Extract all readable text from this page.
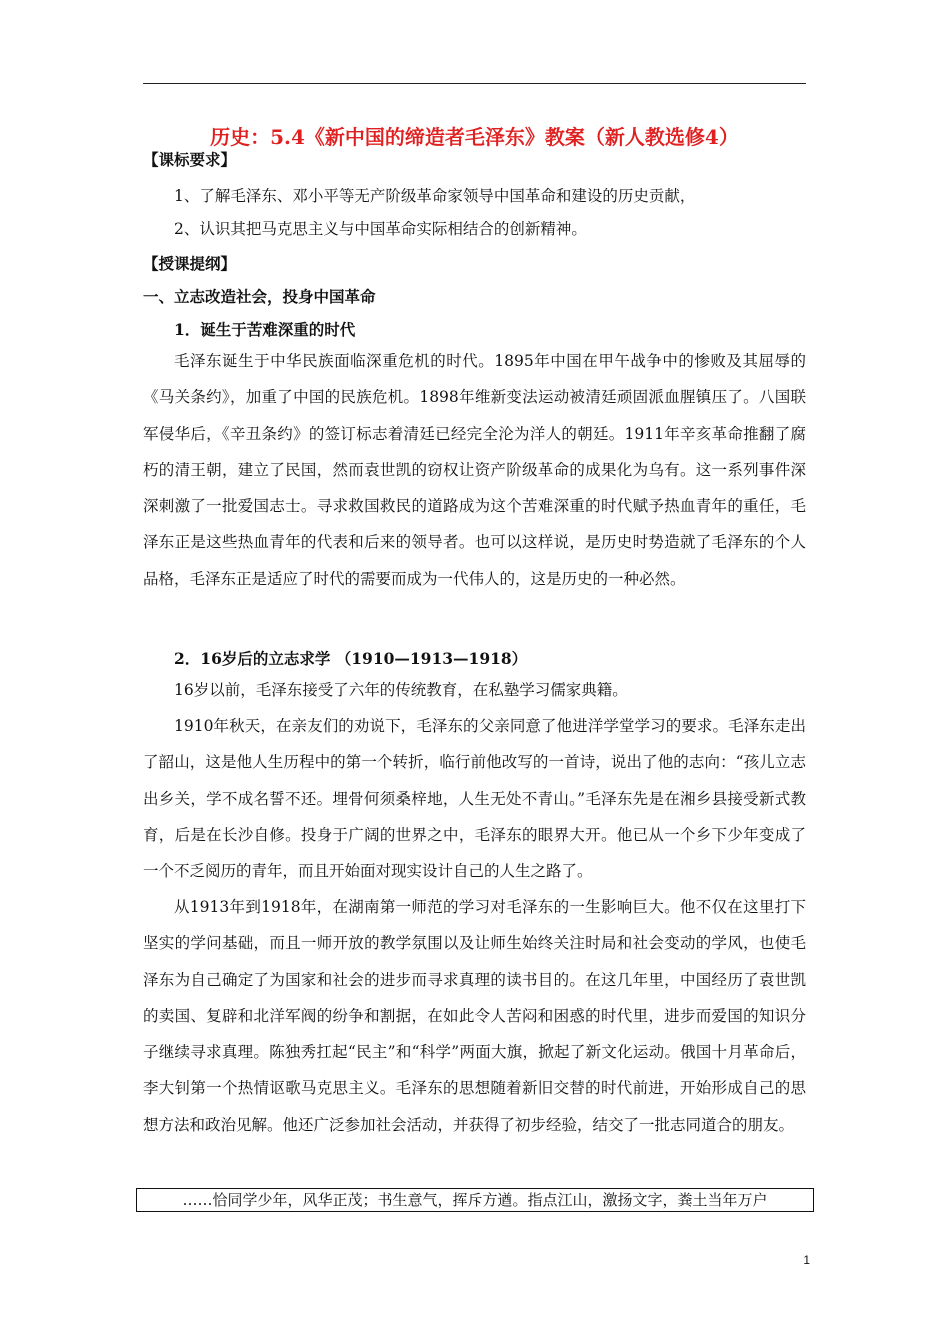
历史：5.4《新中国的缔造者毛泽东》教案（新人教选修4）

【课标要求】

1、了解毛泽东、邓小平等无产阶级革命家领导中国革命和建设的历史贡献，

2、认识其把马克思主义与中国革命实际相结合的创新精神。

【授课提纲】

一、立志改造社会，投身中国革命

1．诞生于苦难深重的时代

毛泽东诞生于中华民族面临深重危机的时代。1895年中国在甲午战争中的惨败及其屈辱的《马关条约》，加重了中国的民族危机。1898年维新变法运动被清廷顽固派血腥镇压了。八国联军侵华后，《辛丑条约》的签订标志着清廷已经完全沦为洋人的朝廷。1911年辛亥革命推翻了腐朽的清王朝，建立了民国，然而袁世凯的窃权让资产阶级革命的成果化为乌有。这一系列事件深深刺激了一批爱国志士。寻求救国救民的道路成为这个苦难深重的时代赋予热血青年的重任，毛泽东正是这些热血青年的代表和后来的领导者。也可以这样说，是历史时势造就了毛泽东的个人品格，毛泽东正是适应了时代的需要而成为一代伟人的，这是历史的一种必然。

2．16岁后的立志求学 （1910—1913—1918）

16岁以前，毛泽东接受了六年的传统教育，在私塾学习儒家典籍。

1910年秋天，在亲友们的劝说下，毛泽东的父亲同意了他进洋学堂学习的要求。毛泽东走出了韶山，这是他人生历程中的第一个转折，临行前他改写的一首诗，说出了他的志向：“孩儿立志出乡关，学不成名誓不还。埋骨何须桑梓地，人生无处不青山。”毛泽东先是在湘乡县接受新式教育，后是在长沙自修。投身于广阔的世界之中，毛泽东的眼界大开。他已从一个乡下少年变成了一个不乏阅历的青年，而且开始面对现实设计自己的人生之路了。

从1913年到1918年，在湖南第一师范的学习对毛泽东的一生影响巨大。他不仅在这里打下坚实的学问基础，而且一师开放的教学氛围以及让师生始终关注时局和社会变动的学风，也使毛泽东为自己确定了为国家和社会的进步而寻求真理的读书目的。在这几年里，中国经历了袁世凯的卖国、复辟和北洋军阀的纷争和割据，在如此令人苦闷和困惑的时代里，进步而爱国的知识分子继续寻求真理。陈独秀扛起“民主”和“科学”两面大旗，掀起了新文化运动。俄国十月革命后，李大钊第一个热情讴歌马克思主义。毛泽东的思想随着新旧交替的时代前进，开始形成自己的思想方法和政治见解。他还广泛参加社会活动，并获得了初步经验，结交了一批志同道合的朋友。

……恰同学少年，风华正茂；书生意气，挥斥方遒。指点江山，激扬文字，粪土当年万户
1
